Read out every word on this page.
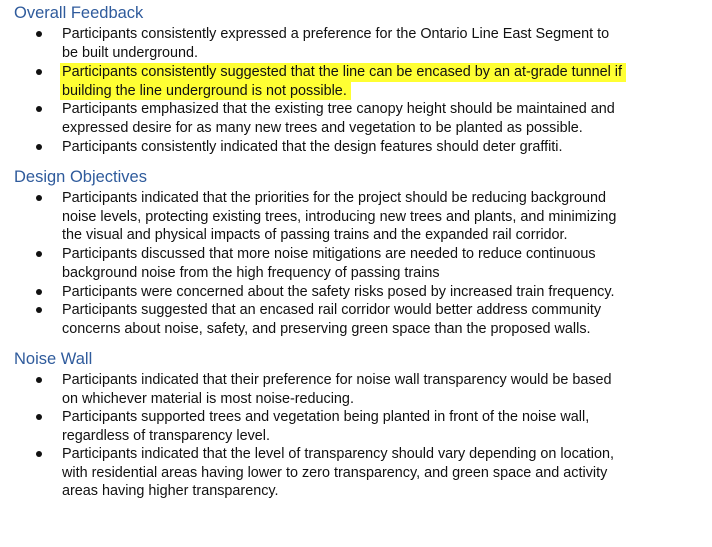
Overall Feedback
Participants consistently expressed a preference for the Ontario Line East Segment to
be built underground.
Participants consistently suggested that the line can be encased by an at-grade tunnel if building the line underground is not possible.
Participants emphasized that the existing tree canopy height should be maintained and
expressed desire for as many new trees and vegetation to be planted as possible.
Participants consistently indicated that the design features should deter graffiti.
Design Objectives
Participants indicated that the priorities for the project should be reducing background
noise levels, protecting existing trees, introducing new trees and plants, and minimizing
the visual and physical impacts of passing trains and the expanded rail corridor.
Participants discussed that more noise mitigations are needed to reduce continuous
background noise from the high frequency of passing trains
Participants were concerned about the safety risks posed by increased train frequency.
Participants suggested that an encased rail corridor would better address community
concerns about noise, safety, and preserving green space than the proposed walls.
Noise Wall
Participants indicated that their preference for noise wall transparency would be based
on whichever material is most noise-reducing.
Participants supported trees and vegetation being planted in front of the noise wall,
regardless of transparency level.
Participants indicated that the level of transparency should vary depending on location,
with residential areas having lower to zero transparency, and green space and activity
areas having higher transparency.
